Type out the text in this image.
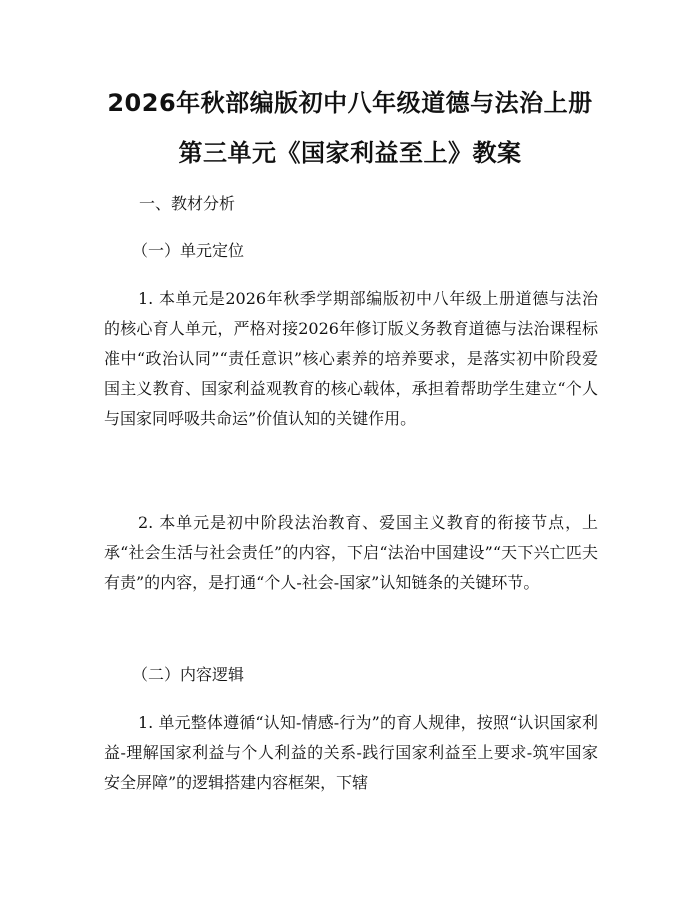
2026年秋部编版初中八年级道德与法治上册
第三单元《国家利益至上》教案
一、教材分析
（一）单元定位

1. 本单元是2026年秋季学期部编版初中八年级上册道德与法治的核心育人单元，严格对接2026年修订版义务教育道德与法治课程标准中“政治认同”“责任意识”核心素养的培养要求，是落实初中阶段爱国主义教育、国家利益观教育的核心载体，承担着帮助学生建立“个人与国家同呼吸共命运”价值认知的关键作用。

2. 本单元是初中阶段法治教育、爱国主义教育的衔接节点，上承“社会生活与社会责任”的内容，下启“法治中国建设”“天下兴亡匹夫有责”的内容，是打通“个人-社会-国家”认知链条的关键环节。

（二）内容逻辑

1. 单元整体遵循“认知-情感-行为”的育人规律，按照“认识国家利益-理解国家利益与个人利益的关系-践行国家利益至上要求-筑牢国家安全屏障”的逻辑搭建内容框架，下辖
